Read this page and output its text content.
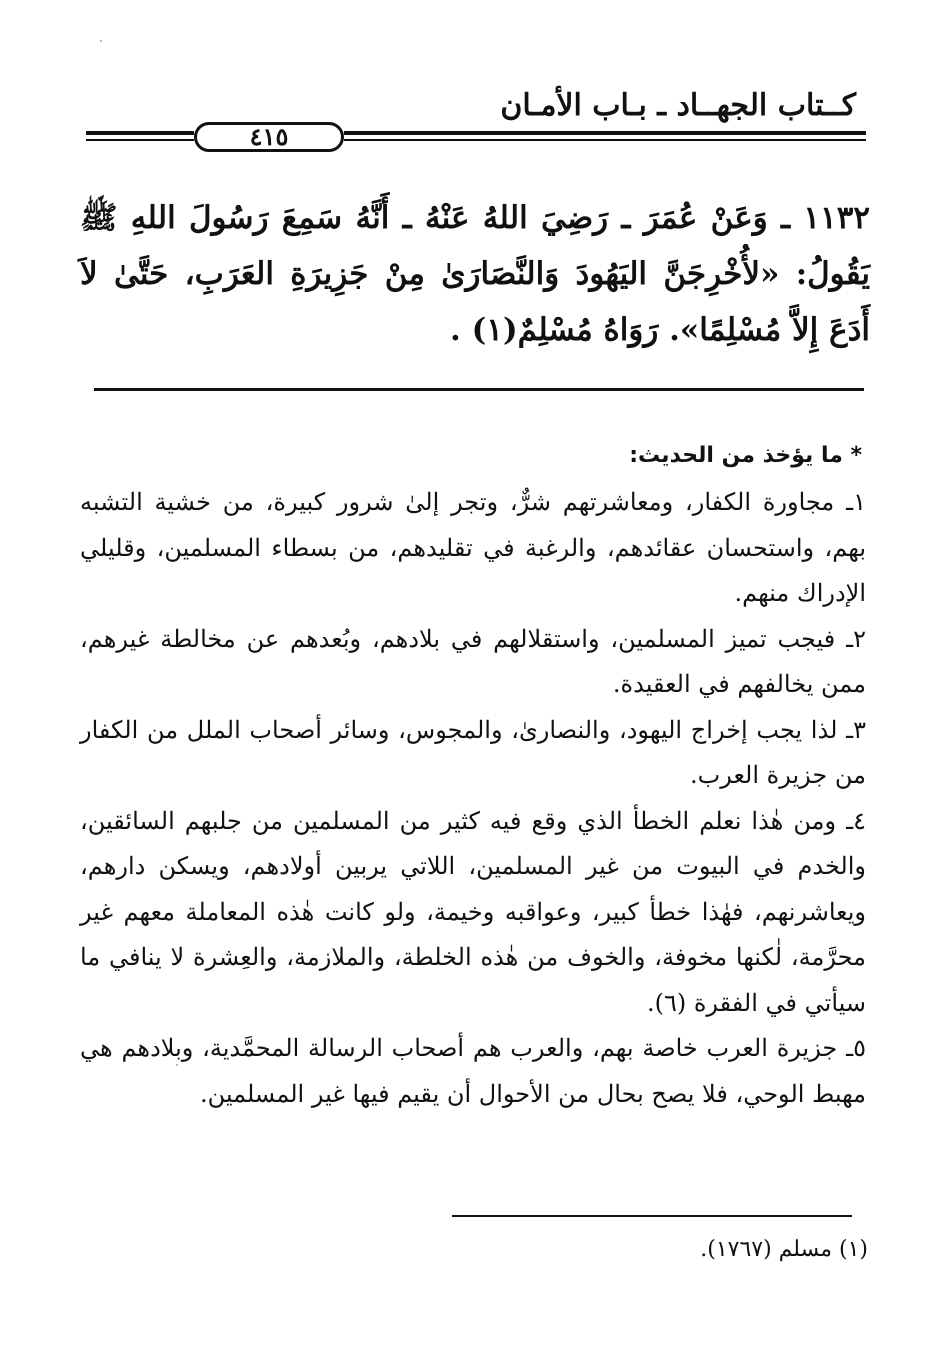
كــتاب الجهــاد ـ بـاب الأمـان
٤١٥
١١٣٢ ـ وَعَنْ عُمَرَ ـ رَضِيَ اللهُ عَنْهُ ـ أَنَّهُ سَمِعَ رَسُولَ اللهِ ﷺ يَقُولُ: «لأُخْرِجَنَّ اليَهُودَ وَالنَّصَارَىٰ مِنْ جَزِيرَةِ العَرَبِ، حَتَّىٰ لاَ أَدَعَ إِلاَّ مُسْلِمًا». رَوَاهُ مُسْلِمٌ(١) .
* ما يؤخذ من الحديث:
١ـ مجاورة الكفار، ومعاشرتهم شرٌّ، وتجر إلىٰ شرور كبيرة، من خشية التشبه بهم، واستحسان عقائدهم، والرغبة في تقليدهم، من بسطاء المسلمين، وقليلي الإدراك منهم.
٢ـ فيجب تميز المسلمين، واستقلالهم في بلادهم، وبُعدهم عن مخالطة غيرهم، ممن يخالفهم في العقيدة.
٣ـ لذا يجب إخراج اليهود، والنصارىٰ، والمجوس، وسائر أصحاب الملل من الكفار من جزيرة العرب.
٤ـ ومن هٰذا نعلم الخطأ الذي وقع فيه كثير من المسلمين من جلبهم السائقين، والخدم في البيوت من غير المسلمين، اللاتي يربين أولادهم، ويسكن دارهم، ويعاشرنهم، فهٰذا خطأ كبير، وعواقبه وخيمة، ولو كانت هٰذه المعاملة معهم غير محرَّمة، لٰكنها مخوفة، والخوف من هٰذه الخلطة، والملازمة، والعِشرة لا ينافي ما سيأتي في الفقرة (٦).
٥ـ جزيرة العرب خاصة بهم، والعرب هم أصحاب الرسالة المحمَّدية، وبلادهم هي مهبط الوحي، فلا يصح بحال من الأحوال أن يقيم فيها غير المسلمين.
(١) مسلم (١٧٦٧).
